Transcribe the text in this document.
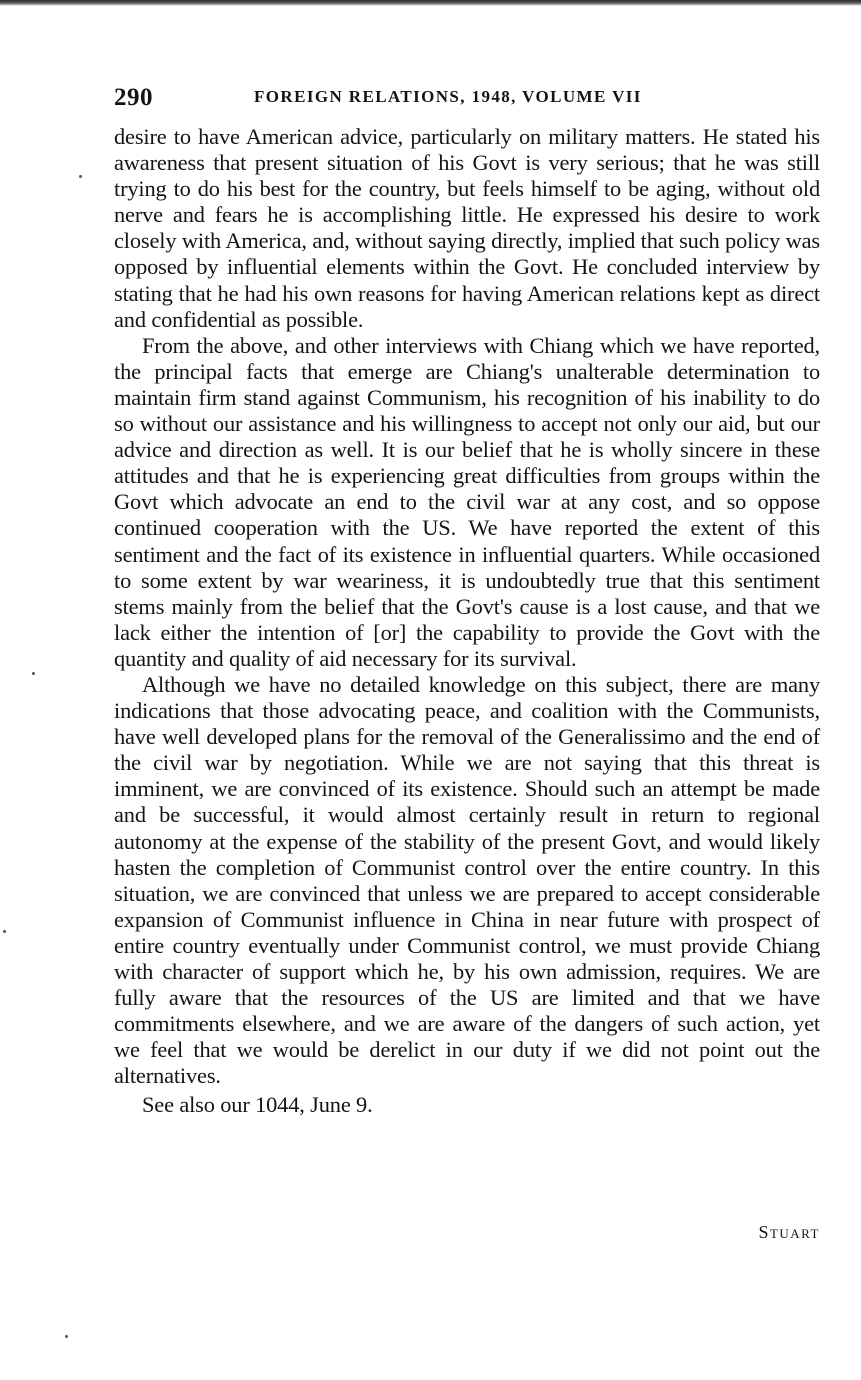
290	FOREIGN RELATIONS, 1948, VOLUME VII

desire to have American advice, particularly on military matters. He stated his awareness that present situation of his Govt is very serious; that he was still trying to do his best for the country, but feels himself to be aging, without old nerve and fears he is accomplishing little. He expressed his desire to work closely with America, and, without saying directly, implied that such policy was opposed by influential elements within the Govt. He concluded interview by stating that he had his own reasons for having American relations kept as direct and confidential as possible.

From the above, and other interviews with Chiang which we have reported, the principal facts that emerge are Chiang's unalterable determination to maintain firm stand against Communism, his recognition of his inability to do so without our assistance and his willingness to accept not only our aid, but our advice and direction as well. It is our belief that he is wholly sincere in these attitudes and that he is experiencing great difficulties from groups within the Govt which advocate an end to the civil war at any cost, and so oppose continued cooperation with the US. We have reported the extent of this sentiment and the fact of its existence in influential quarters. While occasioned to some extent by war weariness, it is undoubtedly true that this sentiment stems mainly from the belief that the Govt's cause is a lost cause, and that we lack either the intention of [or] the capability to provide the Govt with the quantity and quality of aid necessary for its survival.

Although we have no detailed knowledge on this subject, there are many indications that those advocating peace, and coalition with the Communists, have well developed plans for the removal of the Generalissimo and the end of the civil war by negotiation. While we are not saying that this threat is imminent, we are convinced of its existence. Should such an attempt be made and be successful, it would almost certainly result in return to regional autonomy at the expense of the stability of the present Govt, and would likely hasten the completion of Communist control over the entire country. In this situation, we are convinced that unless we are prepared to accept considerable expansion of Communist influence in China in near future with prospect of entire country eventually under Communist control, we must provide Chiang with character of support which he, by his own admission, requires. We are fully aware that the resources of the US are limited and that we have commitments elsewhere, and we are aware of the dangers of such action, yet we feel that we would be derelict in our duty if we did not point out the alternatives.

See also our 1044, June 9.

Stuart
